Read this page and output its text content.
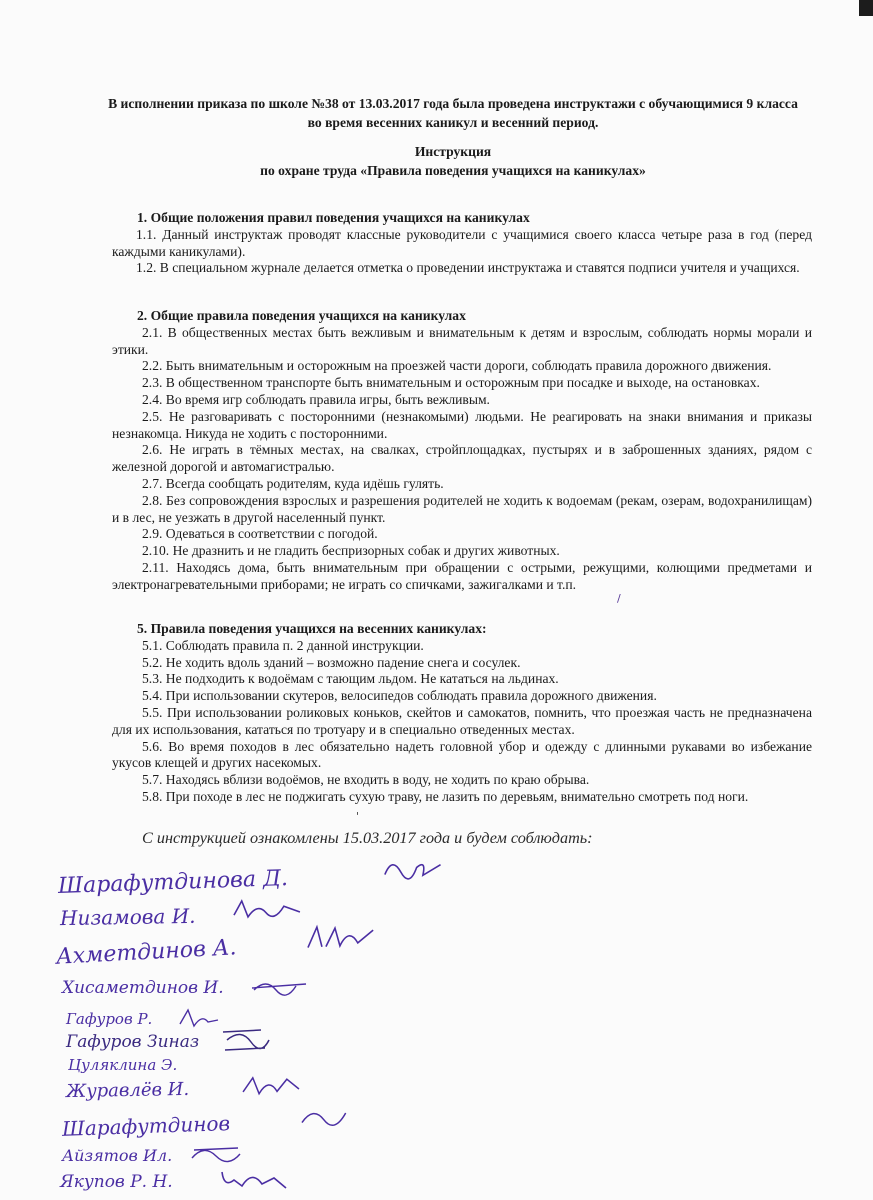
В исполнении приказа по школе №38 от 13.03.2017 года была проведена инструктажи с обучающимися 9 класса во время весенних каникул и весенний период.
Инструкция
по охране труда «Правила поведения учащихся на каникулах»
1. Общие положения правил поведения учащихся на каникулах
1.1. Данный инструктаж проводят классные руководители с учащимися своего класса четыре раза в год (перед каждыми каникулами).
1.2. В специальном журнале делается отметка о проведении инструктажа и ставятся подписи учителя и учащихся.
2. Общие правила поведения учащихся на каникулах
2.1. В общественных местах быть вежливым и внимательным к детям и взрослым, соблюдать нормы морали и этики.
2.2. Быть внимательным и осторожным на проезжей части дороги, соблюдать правила дорожного движения.
2.3. В общественном транспорте быть внимательным и осторожным при посадке и выходе, на остановках.
2.4. Во время игр соблюдать правила игры, быть вежливым.
2.5. Не разговаривать с посторонними (незнакомыми) людьми. Не реагировать на знаки внимания и приказы незнакомца. Никуда не ходить с посторонними.
2.6. Не играть в тёмных местах, на свалках, стройплощадках, пустырях и в заброшенных зданиях, рядом с железной дорогой и автомагистралью.
2.7. Всегда сообщать родителям, куда идёшь гулять.
2.8. Без сопровождения взрослых и разрешения родителей не ходить к водоемам (рекам, озерам, водохранилищам) и в лес, не уезжать в другой населенный пункт.
2.9. Одеваться в соответствии с погодой.
2.10. Не дразнить и не гладить беспризорных собак и других животных.
2.11. Находясь дома, быть внимательным при обращении с острыми, режущими, колющими предметами и электронагревательными приборами; не играть со спичками, зажигалками и т.п.
/
5. Правила поведения учащихся на весенних каникулах:
5.1. Соблюдать правила п. 2 данной инструкции.
5.2. Не ходить вдоль зданий – возможно падение снега и сосулек.
5.3. Не подходить к водоёмам с тающим льдом. Не кататься на льдинах.
5.4. При использовании скутеров, велосипедов соблюдать правила дорожного движения.
5.5. При использовании роликовых коньков, скейтов и самокатов, помнить, что проезжая часть не предназначена для их использования, кататься по тротуару и в специально отведенных местах.
5.6. Во время походов в лес обязательно надеть головной убор и одежду с длинными рукавами во избежание укусов клещей и других насекомых.
5.7. Находясь вблизи водоёмов, не входить в воду, не ходить по краю обрыва.
5.8. При походе в лес не поджигать сухую траву, не лазить по деревьям, внимательно смотреть под ноги.
'
С инструкцией ознакомлены 15.03.2017 года и будем соблюдать:
Шарафутдинова Д.
Низамова И.
Ахметдинов А.
Хисаметдинов И.
Гафуров Р.
Гафуров Зиназ
Цуляклина Э.
Журавлёв И.
Шарафутдинов
Айзятов Ил.
Якупов Р. Н.
